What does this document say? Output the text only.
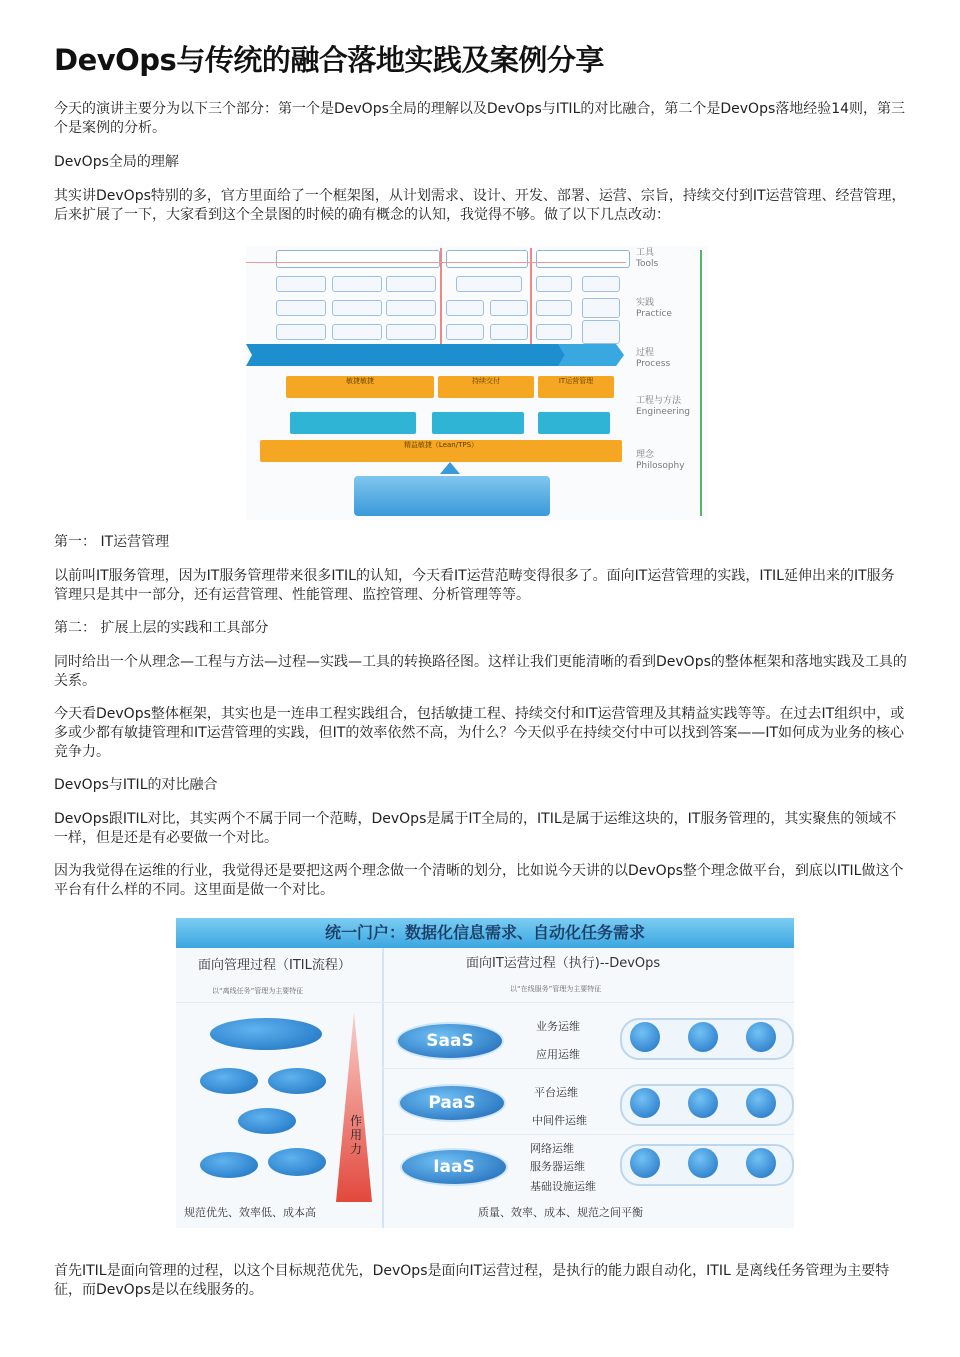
DevOps与传统的融合落地实践及案例分享

今天的演讲主要分为以下三个部分：第一个是DevOps全局的理解以及DevOps与ITIL的对比融合，第二个是DevOps落地经验14则，第三个是案例的分析。

DevOps全局的理解

其实讲DevOps特别的多，官方里面给了一个框架图，从计划需求、设计、开发、部署、运营、宗旨，持续交付到IT运营管理、经营管理，后来扩展了一下，大家看到这个全景图的时候的确有概念的认知，我觉得不够。做了以下几点改动：

敏捷敏捷	持续交付	IT运营管理
精益敏捷（Lean/TPS）
工具
Tools
实践
Practice
过程
Process
工程与方法
Engineering
理念
Philosophy

第一： IT运营管理

以前叫IT服务管理，因为IT服务管理带来很多ITIL的认知，今天看IT运营范畴变得很多了。面向IT运营管理的实践，ITIL延伸出来的IT服务管理只是其中一部分，还有运营管理、性能管理、监控管理、分析管理等等。

第二： 扩展上层的实践和工具部分

同时给出一个从理念—工程与方法—过程—实践—工具的转换路径图。这样让我们更能清晰的看到DevOps的整体框架和落地实践及工具的关系。

今天看DevOps整体框架，其实也是一连串工程实践组合，包括敏捷工程、持续交付和IT运营管理及其精益实践等等。在过去IT组织中，或多或少都有敏捷管理和IT运营管理的实践，但IT的效率依然不高，为什么？今天似乎在持续交付中可以找到答案——IT如何成为业务的核心竞争力。

DevOps与ITIL的对比融合

DevOps跟ITIL对比，其实两个不属于同一个范畴，DevOps是属于IT全局的，ITIL是属于运维这块的，IT服务管理的，其实聚焦的领域不一样，但是还是有必要做一个对比。

因为我觉得在运维的行业，我觉得还是要把这两个理念做一个清晰的划分，比如说今天讲的以DevOps整个理念做平台，到底以ITIL做这个平台有什么样的不同。这里面是做一个对比。

统一门户：数据化信息需求、自动化任务需求
面向管理过程（ITIL流程）
以“离线任务”管理为主要特征
面向IT运营过程（执行)--DevOps
以“在线服务”管理为主要特征
作用力
SaaS
业务运维
应用运维
PaaS
平台运维
中间件运维
IaaS
网络运维
服务器运维
基础设施运维
规范优先、效率低、成本高	质量、效率、成本、规范之间平衡

首先ITIL是面向管理的过程，以这个目标规范优先，DevOps是面向IT运营过程，是执行的能力跟自动化，ITIL 是离线任务管理为主要特征，而DevOps是以在线服务的。
